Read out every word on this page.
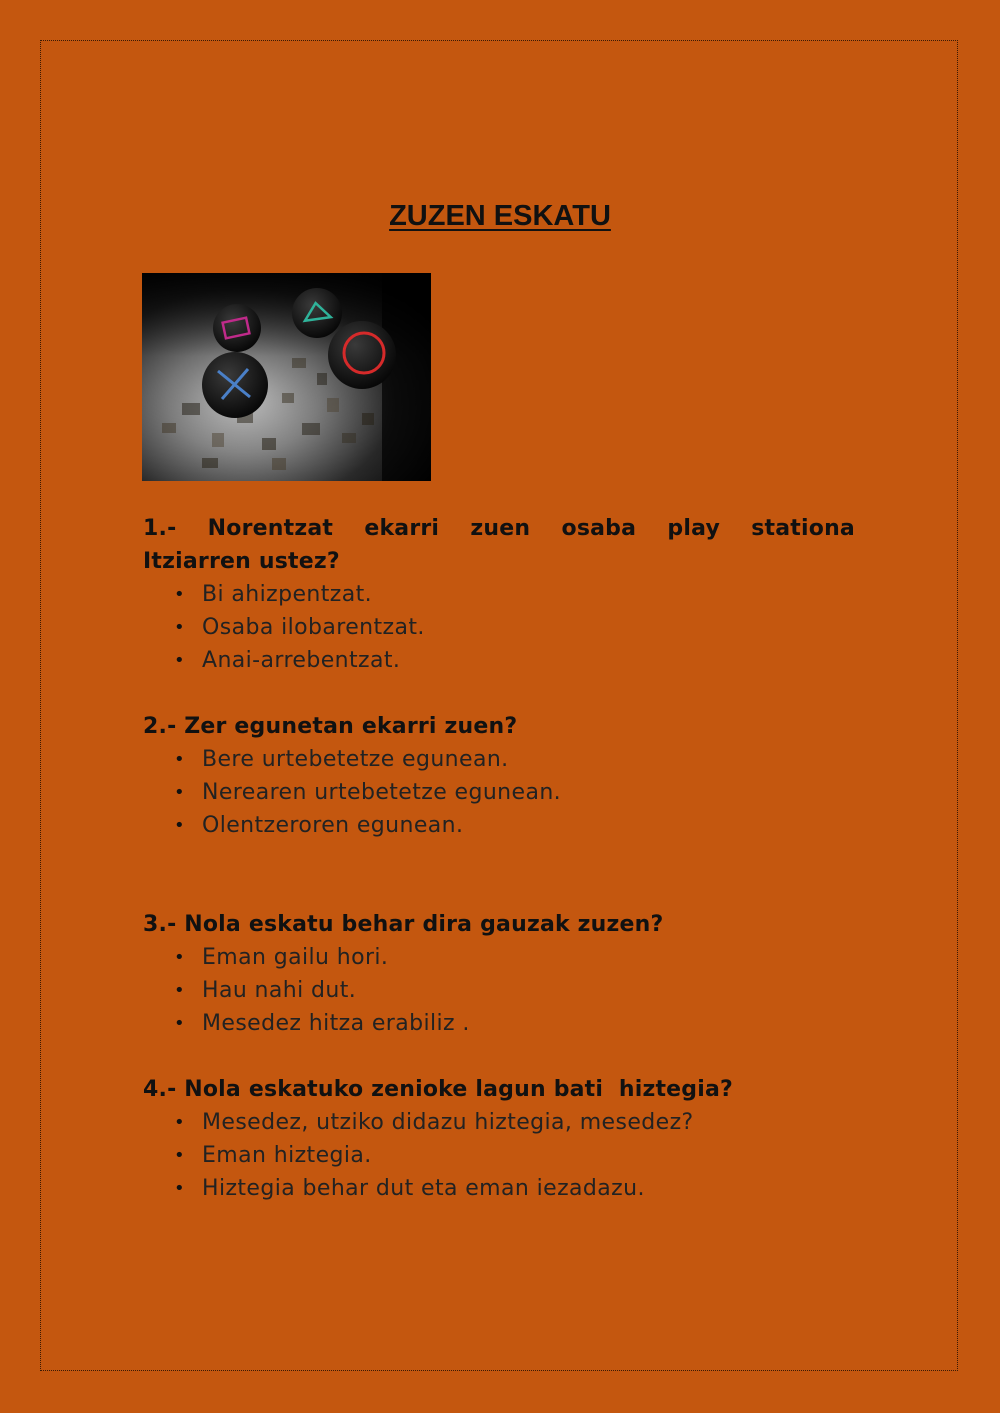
ZUZEN ESKATU
1.- Norentzat ekarri zuen osaba play stationa
Itziarren ustez?
• Bi ahizpentzat.
• Osaba ilobarentzat.
• Anai-arrebentzat.
2.- Zer egunetan ekarri zuen?
• Bere urtebetetze egunean.
• Nerearen urtebetetze egunean.
• Olentzeroren egunean.
3.- Nola eskatu behar dira gauzak zuzen?
• Eman gailu hori.
• Hau nahi dut.
• Mesedez hitza erabiliz .
4.- Nola eskatuko zenioke lagun bati  hiztegia?
• Mesedez, utziko didazu hiztegia, mesedez?
• Eman hiztegia.
• Hiztegia behar dut eta eman iezadazu.
